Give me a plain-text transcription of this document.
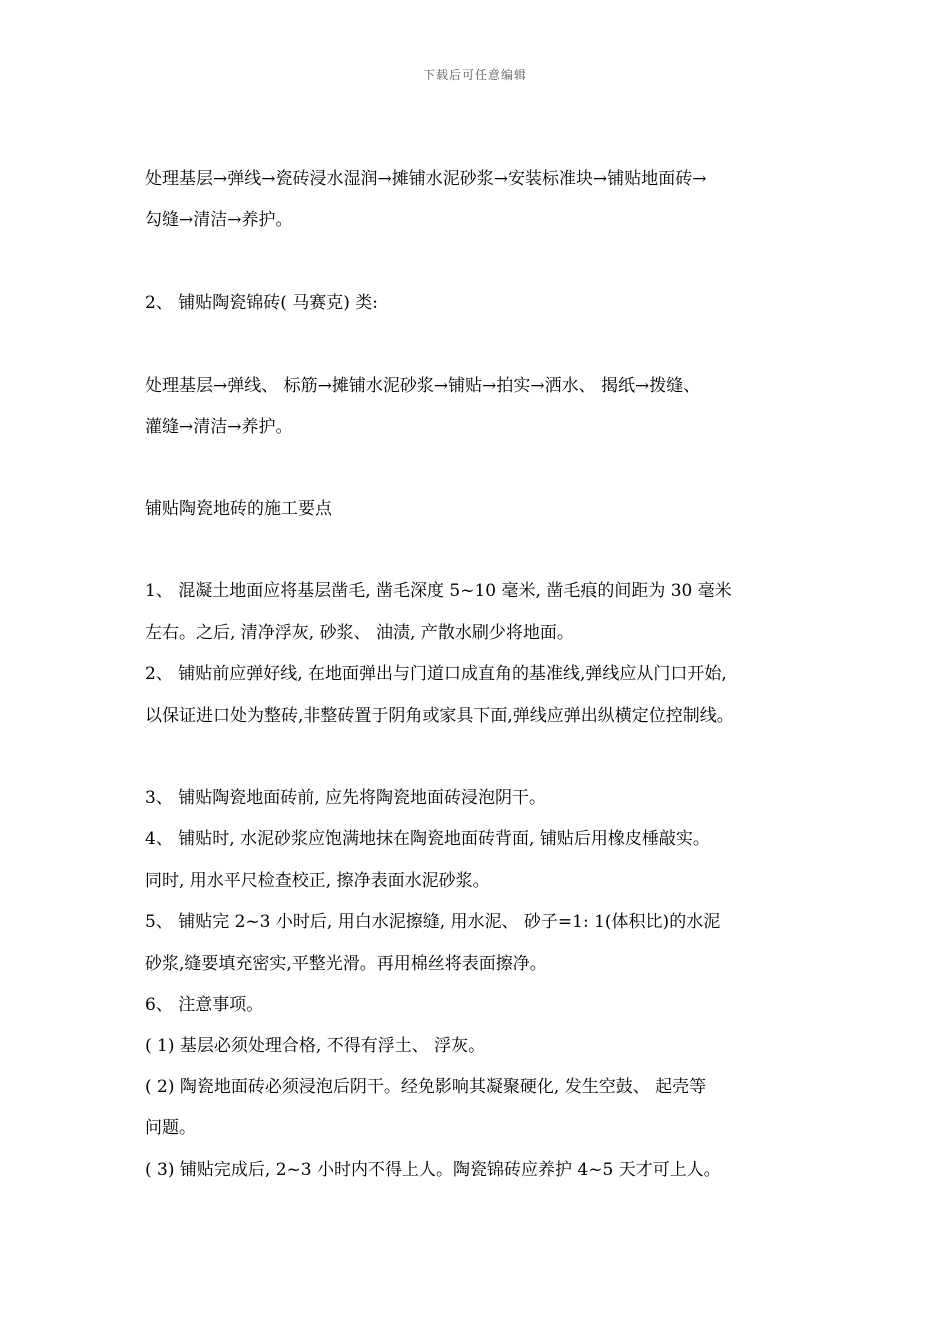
下载后可任意编辑
处理基层→弹线→瓷砖浸水湿润→摊铺水泥砂浆→安装标准块→铺贴地面砖→
勾缝→清洁→养护。
2、 铺贴陶瓷锦砖( 马赛克) 类:
处理基层→弹线、 标筋→摊铺水泥砂浆→铺贴→拍实→洒水、 揭纸→拨缝、
灌缝→清洁→养护。
铺贴陶瓷地砖的施工要点
1、 混凝土地面应将基层凿毛, 凿毛深度 5~10 毫米, 凿毛痕的间距为 30 毫米
左右。之后, 清净浮灰, 砂浆、 油渍, 产散水刷少将地面。
2、 铺贴前应弹好线, 在地面弹出与门道口成直角的基准线,弹线应从门口开始,
以保证进口处为整砖,非整砖置于阴角或家具下面,弹线应弹出纵横定位控制线。
3、 铺贴陶瓷地面砖前, 应先将陶瓷地面砖浸泡阴干。
4、 铺贴时, 水泥砂浆应饱满地抹在陶瓷地面砖背面, 铺贴后用橡皮棰敲实。
同时, 用水平尺检查校正, 擦净表面水泥砂浆。
5、 铺贴完 2~3 小时后, 用白水泥擦缝, 用水泥、 砂子=1: 1(体积比)的水泥
砂浆,缝要填充密实,平整光滑。再用棉丝将表面擦净。
6、 注意事项。
( 1) 基层必须处理合格, 不得有浮土、 浮灰。
( 2) 陶瓷地面砖必须浸泡后阴干。经免影响其凝聚硬化, 发生空鼓、 起壳等
问题。
( 3) 铺贴完成后, 2~3 小时内不得上人。陶瓷锦砖应养护 4~5 天才可上人。
